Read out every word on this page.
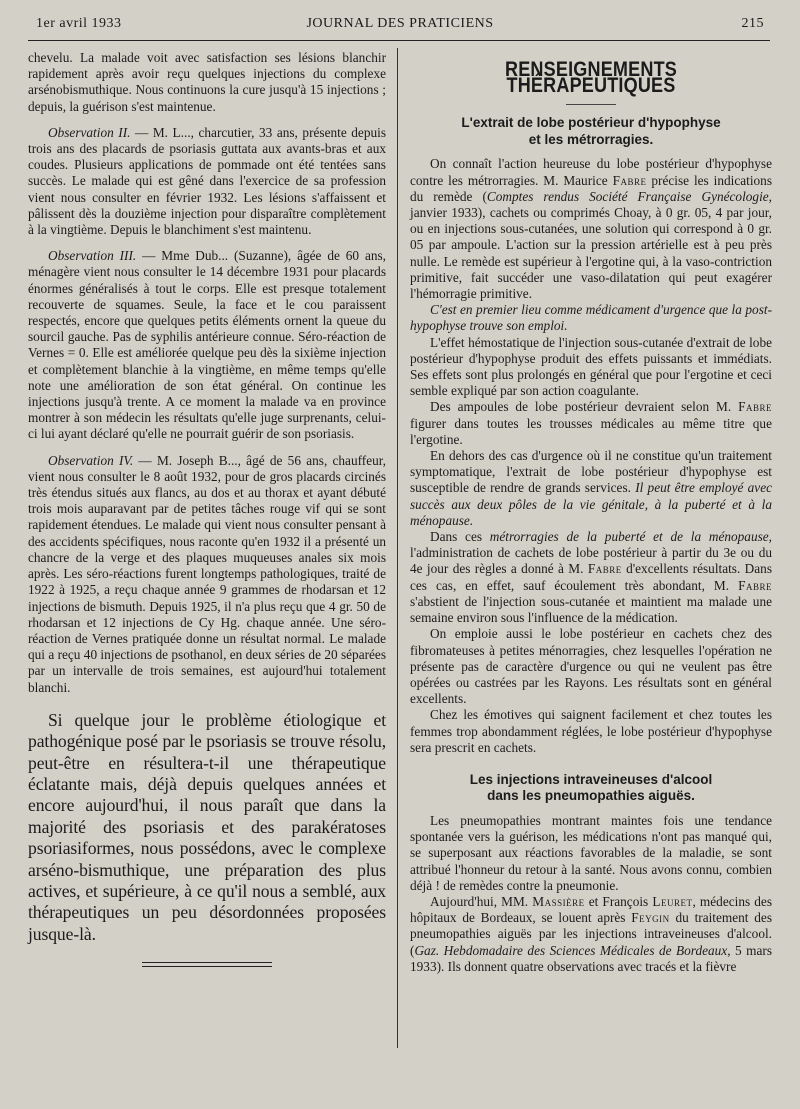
1er avril 1933	JOURNAL DES PRATICIENS	215

chevelu. La malade voit avec satisfaction ses lésions blanchir rapidement après avoir reçu quelques injections du complexe arsénobismuthique. Nous continuons la cure jusqu'à 15 injections ; depuis, la guérison s'est maintenue.

Observation II. — M. L..., charcutier, 33 ans, présente depuis trois ans des placards de psoriasis guttata aux avants-bras et aux coudes. Plusieurs applications de pommade ont été tentées sans succès. Le malade qui est gêné dans l'exercice de sa profession vient nous consulter en février 1932. Les lésions s'affaissent et pâlissent dès la douzième injection pour disparaître complètement à la vingtième. Depuis le blanchiment s'est maintenu.

Observation III. — Mme Dub... (Suzanne), âgée de 60 ans, ménagère vient nous consulter le 14 décembre 1931 pour placards énormes généralisés à tout le corps. Elle est presque totalement recouverte de squames. Seule, la face et le cou paraissent respectés, encore que quelques petits éléments ornent la queue du sourcil gauche. Pas de syphilis antérieure connue. Séro-réaction de Vernes = 0. Elle est améliorée quelque peu dès la sixième injection et complètement blanchie à la vingtième, en même temps qu'elle note une amélioration de son état général. On continue les injections jusqu'à trente. A ce moment la malade va en province montrer à son médecin les résultats qu'elle juge surprenants, celui-ci lui ayant déclaré qu'elle ne pourrait guérir de son psoriasis.

Observation IV. — M. Joseph B..., âgé de 56 ans, chauffeur, vient nous consulter le 8 août 1932, pour de gros placards circinés très étendus situés aux flancs, au dos et au thorax et ayant débuté trois mois auparavant par de petites tâches rouge vif qui se sont rapidement étendues. Le malade qui vient nous consulter pensant à des accidents spécifiques, nous raconte qu'en 1932 il a présenté un chancre de la verge et des plaques muqueuses anales six mois après. Les séro-réactions furent longtemps pathologiques, traité de 1922 à 1925, a reçu chaque année 9 grammes de rhodarsan et 12 injections de bismuth. Depuis 1925, il n'a plus reçu que 4 gr. 50 de rhodarsan et 12 injections de Cy Hg. chaque année. Une séro-réaction de Vernes pratiquée donne un résultat normal. Le malade qui a reçu 40 injections de psothanol, en deux séries de 20 séparées par un intervalle de trois semaines, est aujourd'hui totalement blanchi.

Si quelque jour le problème étiologique et pathogénique posé par le psoriasis se trouve résolu, peut-être en résultera-t-il une thérapeutique éclatante mais, déjà depuis quelques années et encore aujourd'hui, il nous paraît que dans la majorité des psoriasis et des parakératoses psoriasiformes, nous possédons, avec le complexe arséno-bismuthique, une préparation des plus actives, et supérieure, à ce qu'il nous a semblé, aux thérapeutiques un peu désordonnées proposées jusque-là.

RENSEIGNEMENTS THÉRAPEUTIQUES
L'extrait de lobe postérieur d'hypophyse
et les métrorragies.

On connaît l'action heureuse du lobe postérieur d'hypophyse contre les métrorragies. M. Maurice Fabre précise les indications du remède (Comptes rendus Société Française Gynécologie, janvier 1933), cachets ou comprimés Choay, à 0 gr. 05, 4 par jour, ou en injections sous-cutanées, une solution qui correspond à 0 gr. 05 par ampoule. L'action sur la pression artérielle est à peu près nulle. Le remède est supérieur à l'ergotine qui, à la vaso-contriction primitive, fait succéder une vaso-dilatation qui peut exagérer l'hémorragie primitive.

C'est en premier lieu comme médicament d'urgence que la post-hypophyse trouve son emploi.

L'effet hémostatique de l'injection sous-cutanée d'extrait de lobe postérieur d'hypophyse produit des effets puissants et immédiats. Ses effets sont plus prolongés en général que pour l'ergotine et ceci semble expliqué par son action coagulante.

Des ampoules de lobe postérieur devraient selon M. Fabre figurer dans toutes les trousses médicales au même titre que l'ergotine.

En dehors des cas d'urgence où il ne constitue qu'un traitement symptomatique, l'extrait de lobe postérieur d'hypophyse est susceptible de rendre de grands services. Il peut être employé avec succès aux deux pôles de la vie génitale, à la puberté et à la ménopause.

Dans ces métrorragies de la puberté et de la ménopause, l'administration de cachets de lobe postérieur à partir du 3e ou du 4e jour des règles a donné à M. Fabre d'excellents résultats. Dans ces cas, en effet, sauf écoulement très abondant, M. Fabre s'abstient de l'injection sous-cutanée et maintient ma malade une semaine environ sous l'influence de la médication.

On emploie aussi le lobe postérieur en cachets chez des fibromateuses à petites ménorragies, chez lesquelles l'opération ne présente pas de caractère d'urgence ou qui ne veulent pas être opérées ou castrées par les Rayons. Les résultats sont en général excellents.

Chez les émotives qui saignent facilement et chez toutes les femmes trop abondamment réglées, le lobe postérieur d'hypophyse sera prescrit en cachets.

Les injections intraveineuses d'alcool
dans les pneumopathies aiguës.

Les pneumopathies montrant maintes fois une tendance spontanée vers la guérison, les médications n'ont pas manqué qui, se superposant aux réactions favorables de la maladie, se sont attribué l'honneur du retour à la santé. Nous avons connu, combien déjà ! de remèdes contre la pneumonie.

Aujourd'hui, MM. Massière et François Leuret, médecins des hôpitaux de Bordeaux, se louent après Feygin du traitement des pneumopathies aiguës par les injections intraveineuses d'alcool. (Gaz. Hebdomadaire des Sciences Médicales de Bordeaux, 5 mars 1933). Ils donnent quatre observations avec tracés et la fièvre
